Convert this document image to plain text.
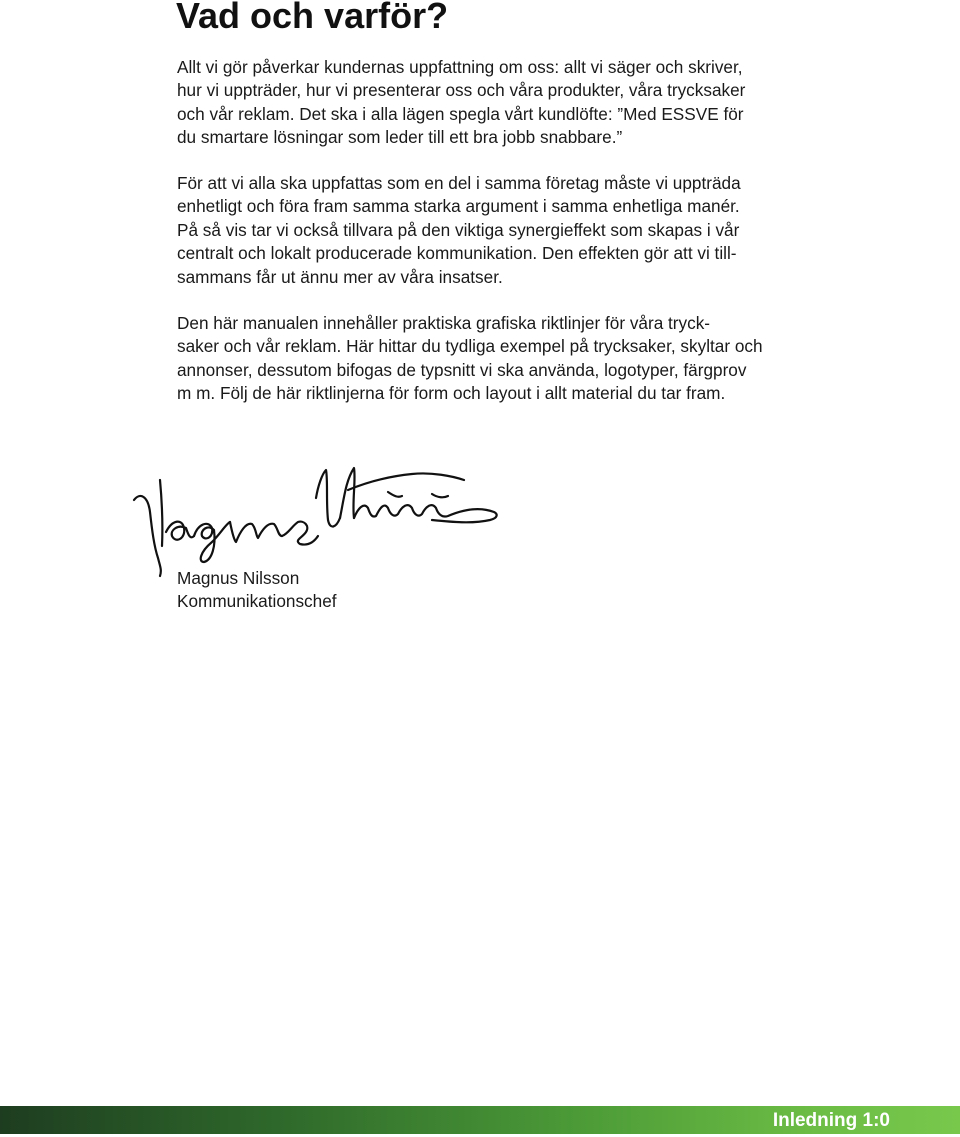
Vad och varför?
Allt vi gör påverkar kundernas uppfattning om oss: allt vi säger och skriver,
hur vi uppträder, hur vi presenterar oss och våra produkter, våra trycksaker
och vår reklam. Det ska i alla lägen spegla vårt kundlöfte: ”Med ESSVE för
du smartare lösningar som leder till ett bra jobb snabbare.”
För att vi alla ska uppfattas som en del i samma företag måste vi uppträda
enhetligt och föra fram samma starka argument i samma enhetliga manér.
På så vis tar vi också tillvara på den viktiga synergieffekt som skapas i vår
centralt och lokalt producerade kommunikation. Den effekten gör att vi till-
sammans får ut ännu mer av våra insatser.
Den här manualen innehåller praktiska grafiska riktlinjer för våra tryck-
saker och vår reklam. Här hittar du tydliga exempel på trycksaker, skyltar och
annonser, dessutom bifogas de typsnitt vi ska använda, logotyper, färgprov
m m. Följ de här riktlinjerna för form och layout i allt material du tar fram.
Magnus Nilsson
Kommunikationschef
Inledning 1:0
